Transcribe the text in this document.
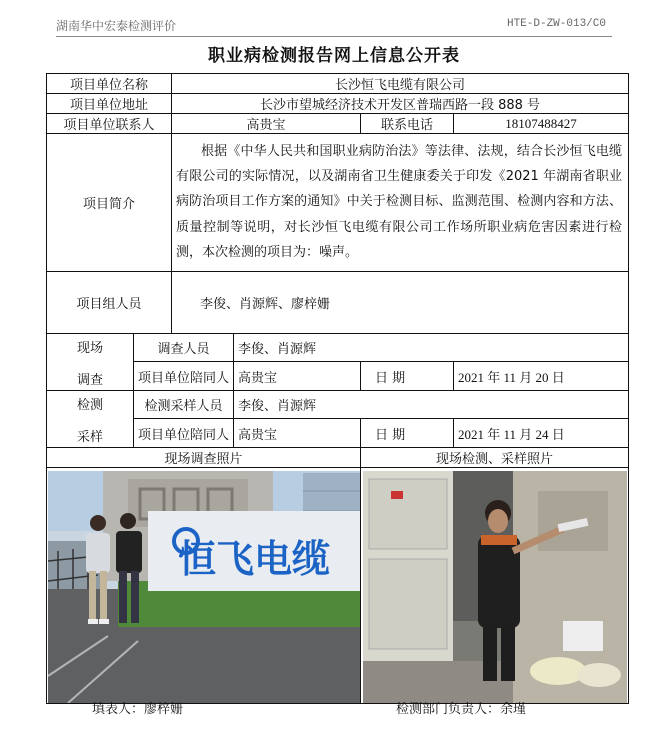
湖南华中宏泰检测评价	HTE-D-ZW-013/C0
职业病检测报告网上信息公开表
项目单位名称		长沙恒飞电缆有限公司			
项目单位地址		长沙市望城经济技术开发区普瑞西路一段 888 号			
项目单位联系人		高贵宝		联系电话	18107488427
项目简介		根据《中华人民共和国职业病防治法》等法律、法规，结合长沙恒飞电缆有限公司的实际情况，以及湖南省卫生健康委关于印发《2021 年湖南省职业病防治项目工作方案的通知》中关于检测目标、监测范围、检测内容和方法、质量控制等说明，对长沙恒飞电缆有限公司工作场所职业病危害因素进行检测，本次检测的项目为：噪声。			
项目组人员		李俊、肖源辉、廖梓姗			

现场
调查	调查人员		李俊、肖源辉		
	项目单位陪同人		高贵宝	日 期	2021 年 11 月 20 日

检测
采样	检测采样人员		李俊、肖源辉		
	项目单位陪同人		高贵宝	日 期	2021 年 11 月 24 日
现场调查照片				现场检测、采样照片	

恒飞电缆

填表人：廖梓姗	检测部门负责人：余瑾
